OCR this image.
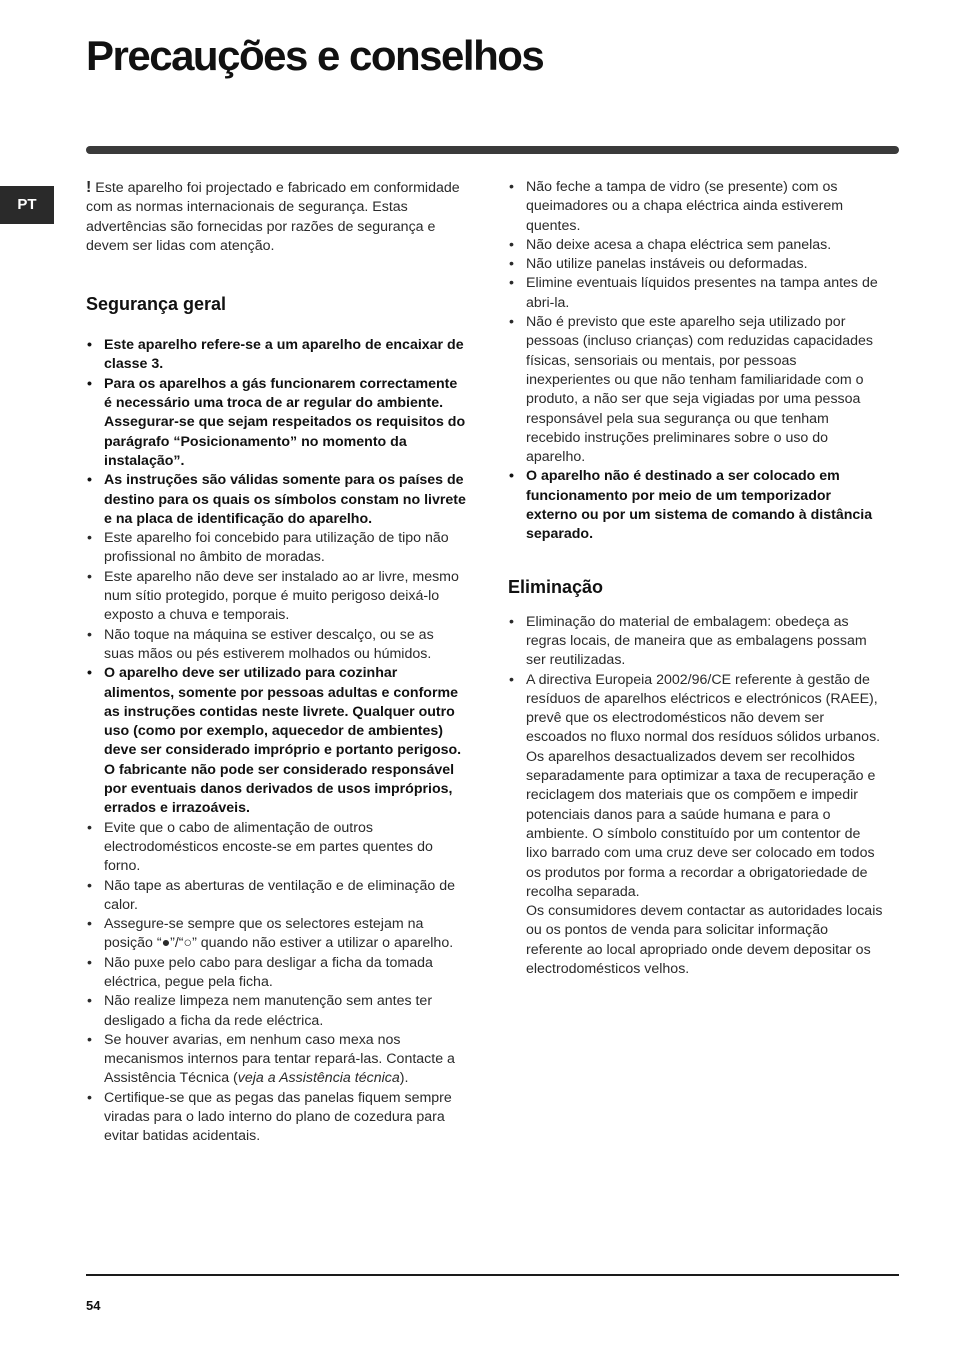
Precauções e conselhos
PT

! Este aparelho foi projectado e fabricado em conformidade com as normas internacionais de segurança. Estas advertências são fornecidas por razões de segurança e devem ser lidas com atenção.

Segurança geral
• Este aparelho refere-se a um aparelho de encaixar de classe 3.
• Para os aparelhos a gás funcionarem correctamente é necessário uma troca de ar regular do ambiente. Assegurar-se que sejam respeitados os requisitos do parágrafo “Posicionamento” no momento da instalação”.
• As instruções são válidas somente para os países de destino para os quais os símbolos constam no livrete e na placa de identificação do aparelho.
• Este aparelho foi concebido para utilização de tipo não profissional no âmbito de moradas.
• Este aparelho não deve ser instalado ao ar livre, mesmo num sítio protegido, porque é muito perigoso deixá-lo exposto a chuva e temporais.
• Não toque na máquina se estiver descalço, ou se as suas mãos ou pés estiverem molhados ou húmidos.
• O aparelho deve ser utilizado para cozinhar alimentos, somente por pessoas adultas e conforme as instruções contidas neste livrete. Qualquer outro uso (como por exemplo, aquecedor de ambientes) deve ser considerado impróprio e portanto perigoso. O fabricante não pode ser considerado responsável por eventuais danos derivados de usos impróprios, errados e irrazoáveis.
• Evite que o cabo de alimentação de outros electrodomésticos encoste-se em partes quentes do forno.
• Não tape as aberturas de ventilação e de eliminação de calor.
• Assegure-se sempre que os selectores estejam na posição “●”/“○” quando não estiver a utilizar o aparelho.
• Não puxe pelo cabo para desligar a ficha da tomada eléctrica, pegue pela ficha.
• Não realize limpeza nem manutenção sem antes ter desligado a ficha da rede eléctrica.
• Se houver avarias, em nenhum caso mexa nos mecanismos internos para tentar repará-las. Contacte a Assistência Técnica (veja a Assistência técnica).
• Certifique-se que as pegas das panelas fiquem sempre viradas para o lado interno do plano de cozedura para evitar batidas acidentais.
• Não feche a tampa de vidro (se presente) com os queimadores ou a chapa eléctrica ainda estiverem quentes.
• Não deixe acesa a chapa eléctrica sem panelas.
• Não utilize panelas instáveis ou deformadas.
• Elimine eventuais líquidos presentes na tampa antes de abri-la.
• Não é previsto que este aparelho seja utilizado por pessoas (incluso crianças) com reduzidas capacidades físicas, sensoriais ou mentais, por pessoas inexperientes ou que não tenham familiaridade com o produto, a não ser que seja vigiadas por uma pessoa responsável pela sua segurança ou que tenham recebido instruções preliminares sobre o uso do aparelho.
• O aparelho não é destinado a ser colocado em funcionamento por meio de um temporizador externo ou por um sistema de comando à distância separado.
Eliminação
• Eliminação do material de embalagem: obedeça as regras locais, de maneira que as embalagens possam ser reutilizadas.
• A directiva Europeia 2002/96/CE referente à gestão de resíduos de aparelhos eléctricos e electrónicos (RAEE), prevê que os electrodomésticos não devem ser escoados no fluxo normal dos resíduos sólidos urbanos. Os aparelhos desactualizados devem ser recolhidos separadamente para optimizar a taxa de recuperação e reciclagem dos materiais que os compõem e impedir potenciais danos para a saúde humana e para o ambiente. O símbolo constituído por um contentor de lixo barrado com uma cruz deve ser colocado em todos os produtos por forma a recordar a obrigatoriedade de recolha separada.
Os consumidores devem contactar as autoridades locais ou os pontos de venda para solicitar informação referente ao local apropriado onde devem depositar os electrodomésticos velhos.
54
